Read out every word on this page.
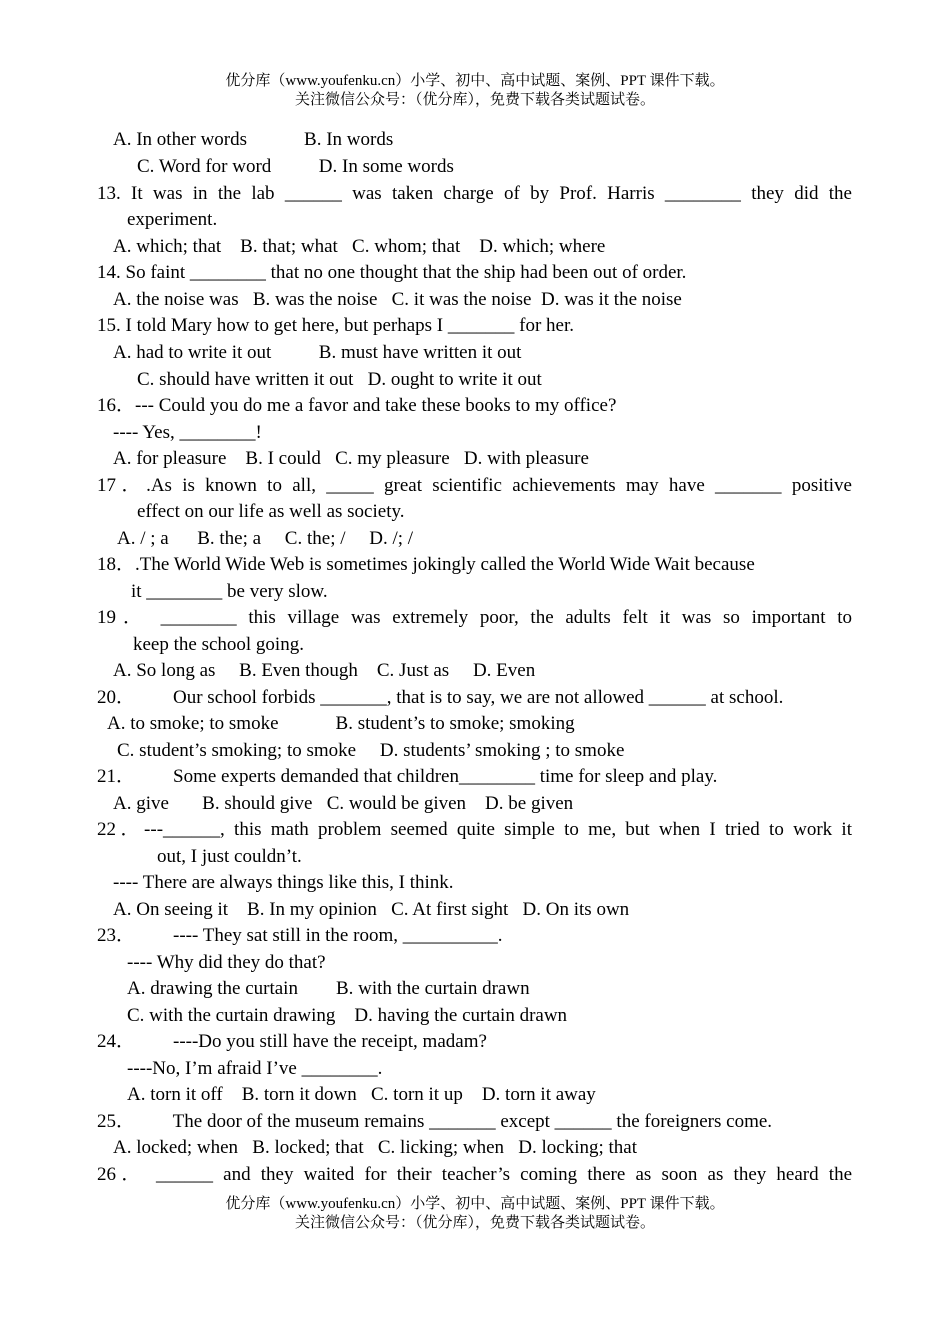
优分库（www.youfenku.cn）小学、初中、高中试题、案例、PPT 课件下载。
关注微信公众号：（优分库），免费下载各类试题试卷。
A. In other words            B. In words
C. Word for word          D. In some words
13. It was in the lab ______ was taken charge of by Prof. Harris ________ they did the
experiment.
A. which; that    B. that; what   C. whom; that    D. which; where
14. So faint ________ that no one thought that the ship had been out of order.
A. the noise was   B. was the noise   C. it was the noise  D. was it the noise
15. I told Mary how to get here, but perhaps I _______ for her.
A. had to write it out          B. must have written it out
C. should have written it out   D. ought to write it out
16．--- Could you do me a favor and take these books to my office?
---- Yes, ________!
A. for pleasure    B. I could   C. my pleasure   D. with pleasure
17．.As is known to all, _____ great scientific achievements may have _______ positive
effect on our life as well as society.
A. / ; a      B. the; a     C. the; /     D. /; /
18．.The World Wide Web is sometimes jokingly called the World Wide Wait because
it ________ be very slow.
19． ________ this village was extremely poor, the adults felt it was so important to
keep the school going.
A. So long as     B. Even though    C. Just as     D. Even
20．        Our school forbids _______, that is to say, we are not allowed ______ at school.
A. to smoke; to smoke            B. student’s to smoke; smoking
C. student’s smoking; to smoke     D. students’ smoking ; to smoke
21．        Some experts demanded that children________ time for sleep and play.
A. give       B. should give   C. would be given    D. be given
22．---______, this math problem seemed quite simple to me, but when I tried to work it
out, I just couldn’t.
---- There are always things like this, I think.
A. On seeing it    B. In my opinion   C. At first sight   D. On its own
23．        ---- They sat still in the room, __________.
---- Why did they do that?
A. drawing the curtain        B. with the curtain drawn
C. with the curtain drawing    D. having the curtain drawn
24．        ----Do you still have the receipt, madam?
----No, I’m afraid I’ve ________.
A. torn it off    B. torn it down   C. torn it up    D. torn it away
25．        The door of the museum remains _______ except ______ the foreigners come.
A. locked; when   B. locked; that   C. licking; when   D. locking; that
26． ______ and they waited for their teacher’s coming there as soon as they heard the
优分库（www.youfenku.cn）小学、初中、高中试题、案例、PPT 课件下载。
关注微信公众号：（优分库），免费下载各类试题试卷。
